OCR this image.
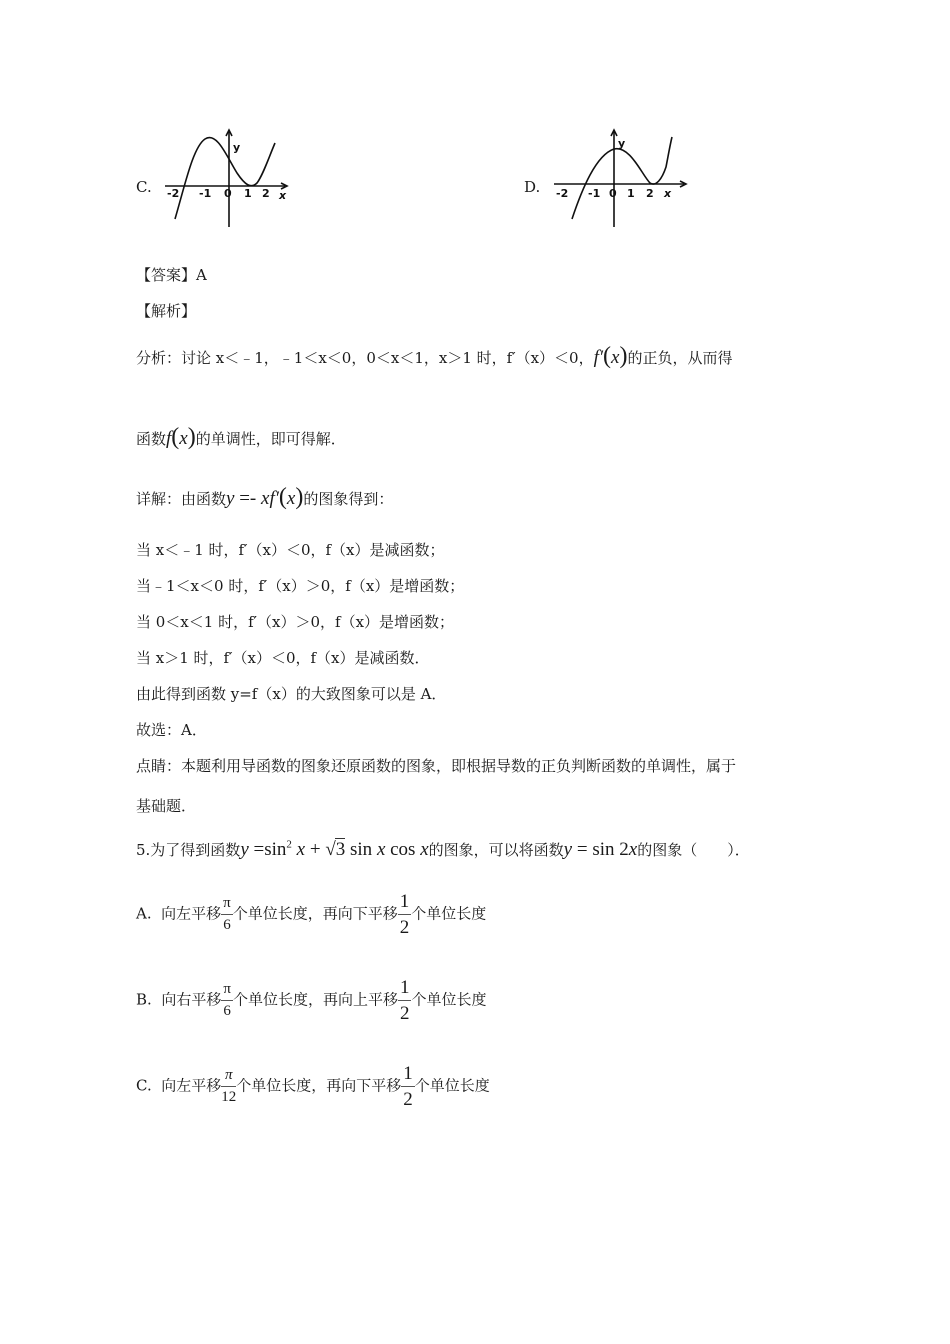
C.
y
x
-2 -1 0 1 2	D.
y
x
-2 -1 0 1 2
【答案】A
【解析】
分析：讨论 x＜﹣1，﹣1＜x＜0，0＜x＜1，x＞1 时，f′（x）＜0，f′(x)的正负，从而得
函数f(x)的单调性，即可得解．
详解：由函数y =- xf′(x)的图象得到：
当 x＜﹣1 时，f′（x）＜0，f（x）是减函数；
当﹣1＜x＜0 时，f′（x）＞0，f（x）是增函数；
当 0＜x＜1 时，f′（x）＞0，f（x）是增函数；
当 x＞1 时，f′（x）＜0，f（x）是减函数．
由此得到函数 y=f（x）的大致图象可以是 A．
故选：A．
点睛：本题利用导函数的图象还原函数的图象，即根据导数的正负判断函数的单调性，属于
基础题．
5.为了得到函数$y =\sin^2$ x + √3 sin x cos x的图象，可以将函数y = sin 2x的图象（　　）．
A. 向左平移 $\frac{\pi}{6}$ 个单位长度，再向下平移 $\frac{1}{2}$ 个单位长度
B. 向右平移 $\frac{\pi}{6}$ 个单位长度，再向上平移 $\frac{1}{2}$ 个单位长度
C. 向左平移 $\frac{\pi}{12}$ 个单位长度，再向下平移 $\frac{1}{2}$ 个单位长度
